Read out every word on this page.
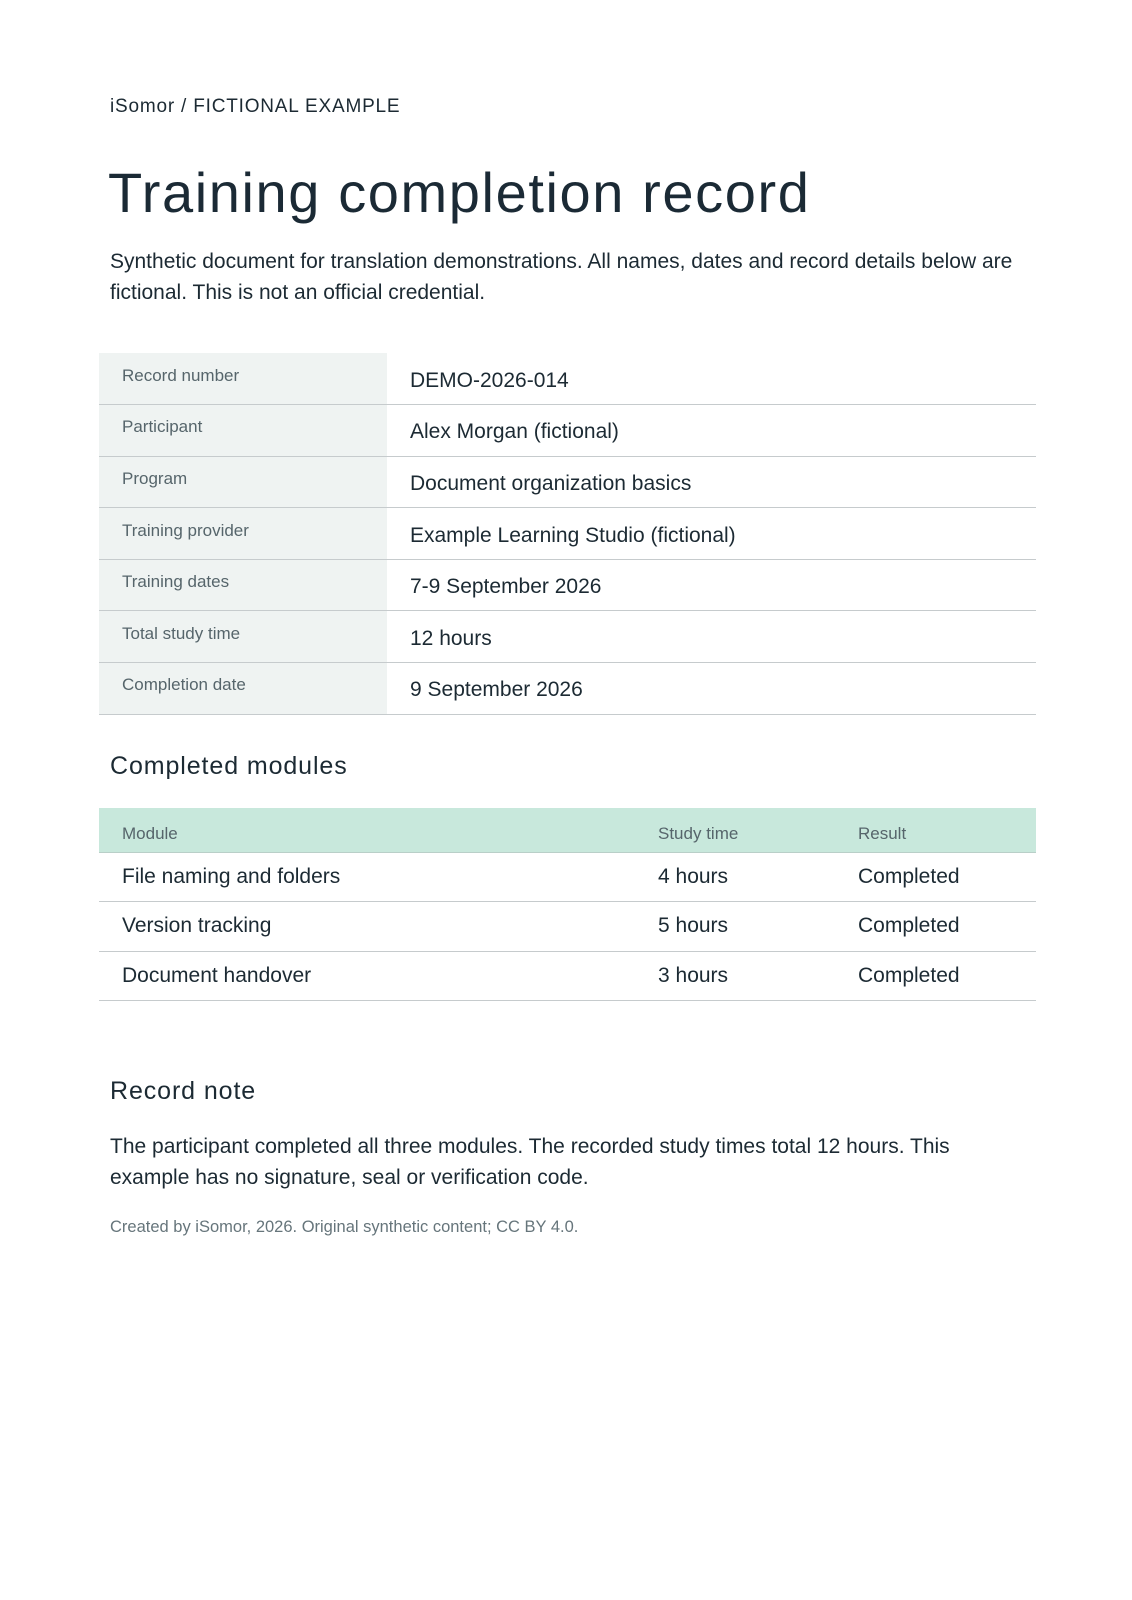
iSomor / FICTIONAL EXAMPLE
Training completion record

Synthetic document for translation demonstrations. All names, dates and record details below are fictional. This is not an official credential.

Record number	DEMO-2026-014
Participant	Alex Morgan (fictional)
Program	Document organization basics
Training provider	Example Learning Studio (fictional)
Training dates	7-9 September 2026
Total study time	12 hours
Completion date	9 September 2026
Completed modules
Module	Study time	Result
File naming and folders	4 hours	Completed
Version tracking	5 hours	Completed
Document handover	3 hours	Completed
Record note

The participant completed all three modules. The recorded study times total 12 hours. This example has no signature, seal or verification code.

Created by iSomor, 2026. Original synthetic content; CC BY 4.0.
